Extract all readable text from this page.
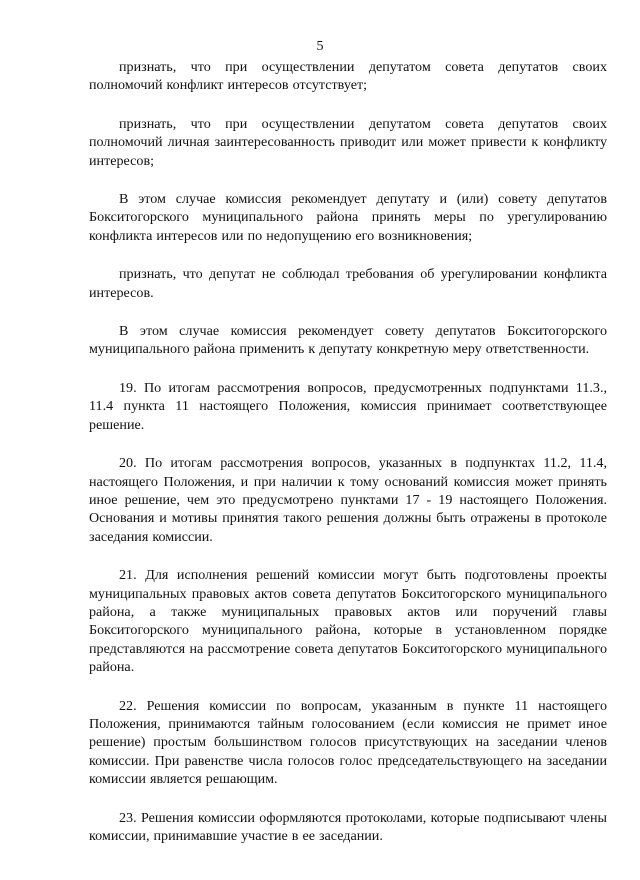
5

признать, что при осуществлении депутатом совета депутатов своих полномочий конфликт интересов отсутствует;

признать, что при осуществлении депутатом совета депутатов своих полномочий личная заинтересованность приводит или может привести к конфликту интересов;

В этом случае комиссия рекомендует депутату и (или) совету депутатов Бокситогорского муниципального района принять меры по урегулированию конфликта интересов или по недопущению его возникновения;

признать, что депутат не соблюдал требования об урегулировании конфликта интересов.

В этом случае комиссия рекомендует совету депутатов Бокситогорского муниципального района применить к депутату конкретную меру ответственности.

19. По итогам рассмотрения вопросов, предусмотренных подпунктами 11.3., 11.4 пункта 11 настоящего Положения, комиссия принимает соответствующее решение.

20. По итогам рассмотрения вопросов, указанных в подпунктах 11.2, 11.4, настоящего Положения, и при наличии к тому оснований комиссия может принять иное решение, чем это предусмотрено пунктами 17 - 19 настоящего Положения. Основания и мотивы принятия такого решения должны быть отражены в протоколе заседания комиссии.

21. Для исполнения решений комиссии могут быть подготовлены проекты муниципальных правовых актов совета депутатов Бокситогорского муниципального района, а также муниципальных правовых актов или поручений главы Бокситогорского муниципального района, которые в установленном порядке представляются на рассмотрение совета депутатов Бокситогорского муниципального района.

22. Решения комиссии по вопросам, указанным в пункте 11 настоящего Положения, принимаются тайным голосованием (если комиссия не примет иное решение) простым большинством голосов присутствующих на заседании членов комиссии. При равенстве числа голосов голос председательствующего на заседании комиссии является решающим.

23. Решения комиссии оформляются протоколами, которые подписывают члены комиссии, принимавшие участие в ее заседании.
